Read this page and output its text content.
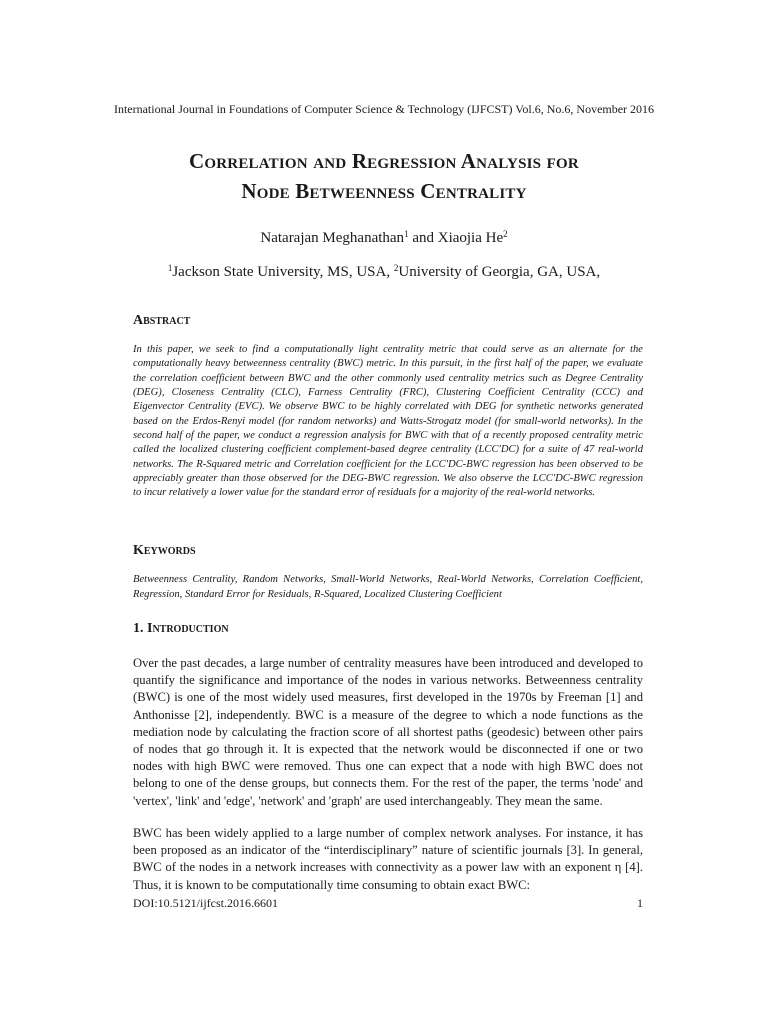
International Journal in Foundations of Computer Science & Technology (IJFCST) Vol.6, No.6, November 2016
Correlation and Regression Analysis for
Node Betweenness Centrality
Natarajan Meghanathan$^1$ and Xiaojia He$^2$
$^1$Jackson State University, MS, USA, $^2$University of Georgia, GA, USA,
Abstract
In this paper, we seek to find a computationally light centrality metric that could serve as an alternate for the computationally heavy betweenness centrality (BWC) metric. In this pursuit, in the first half of the paper, we evaluate the correlation coefficient between BWC and the other commonly used centrality metrics such as Degree Centrality (DEG), Closeness Centrality (CLC), Farness Centrality (FRC), Clustering Coefficient Centrality (CCC) and Eigenvector Centrality (EVC). We observe BWC to be highly correlated with DEG for synthetic networks generated based on the Erdos-Renyi model (for random networks) and Watts-Strogatz model (for small-world networks). In the second half of the paper, we conduct a regression analysis for BWC with that of a recently proposed centrality metric called the localized clustering coefficient complement-based degree centrality (LCC'DC) for a suite of 47 real-world networks. The R-Squared metric and Correlation coefficient for the LCC'DC-BWC regression has been observed to be appreciably greater than those observed for the DEG-BWC regression. We also observe the LCC'DC-BWC regression to incur relatively a lower value for the standard error of residuals for a majority of the real-world networks.
Keywords
Betweenness Centrality, Random Networks, Small-World Networks, Real-World Networks, Correlation Coefficient, Regression, Standard Error for Residuals, R-Squared, Localized Clustering Coefficient
1. Introduction
Over the past decades, a large number of centrality measures have been introduced and developed to quantify the significance and importance of the nodes in various networks. Betweenness centrality (BWC) is one of the most widely used measures, first developed in the 1970s by Freeman [1] and Anthonisse [2], independently. BWC is a measure of the degree to which a node functions as the mediation node by calculating the fraction score of all shortest paths (geodesic) between other pairs of nodes that go through it. It is expected that the network would be disconnected if one or two nodes with high BWC were removed. Thus one can expect that a node with high BWC does not belong to one of the dense groups, but connects them. For the rest of the paper, the terms 'node' and 'vertex', 'link' and 'edge', 'network' and 'graph' are used interchangeably. They mean the same.
BWC has been widely applied to a large number of complex network analyses. For instance, it has been proposed as an indicator of the “interdisciplinary” nature of scientific journals [3]. In general, BWC of the nodes in a network increases with connectivity as a power law with an exponent η [4]. Thus, it is known to be computationally time consuming to obtain exact BWC:
DOI:10.5121/ijfcst.2016.6601	1
